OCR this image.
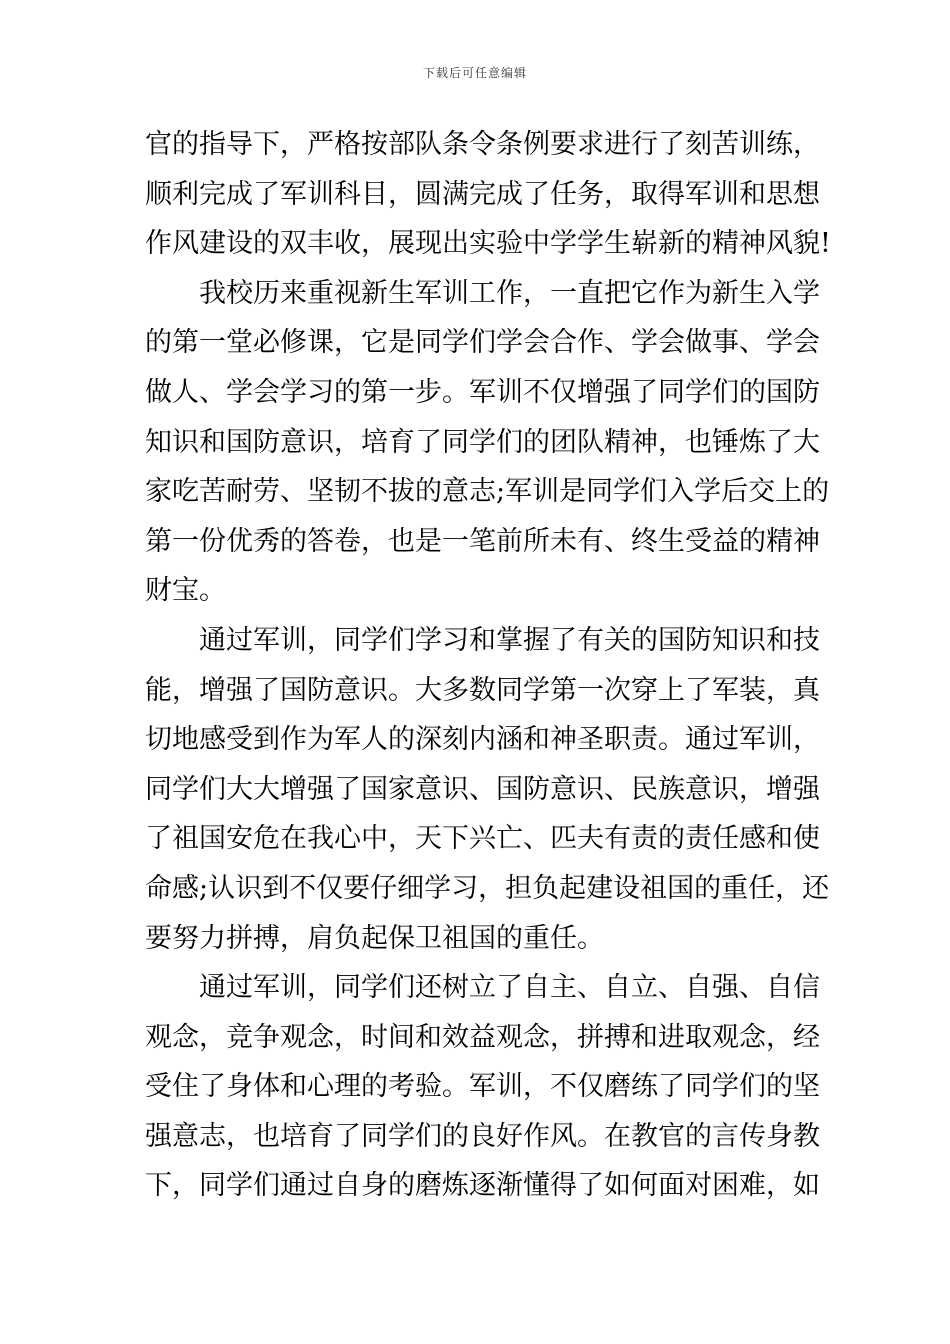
下载后可任意编辑
官的指导下，严格按部队条令条例要求进行了刻苦训练，
顺利完成了军训科目，圆满完成了任务，取得军训和思想
作风建设的双丰收，展现出实验中学学生崭新的精神风貌!
我校历来重视新生军训工作，一直把它作为新生入学
的第一堂必修课，它是同学们学会合作、学会做事、学会
做人、学会学习的第一步。军训不仅增强了同学们的国防
知识和国防意识，培育了同学们的团队精神，也锤炼了大
家吃苦耐劳、坚韧不拔的意志;军训是同学们入学后交上的
第一份优秀的答卷，也是一笔前所未有、终生受益的精神
财宝。
通过军训，同学们学习和掌握了有关的国防知识和技
能，增强了国防意识。大多数同学第一次穿上了军装，真
切地感受到作为军人的深刻内涵和神圣职责。通过军训，
同学们大大增强了国家意识、国防意识、民族意识，增强
了祖国安危在我心中，天下兴亡、匹夫有责的责任感和使
命感;认识到不仅要仔细学习，担负起建设祖国的重任，还
要努力拼搏，肩负起保卫祖国的重任。
通过军训，同学们还树立了自主、自立、自强、自信
观念，竞争观念，时间和效益观念，拼搏和进取观念，经
受住了身体和心理的考验。军训，不仅磨练了同学们的坚
强意志，也培育了同学们的良好作风。在教官的言传身教
下，同学们通过自身的磨炼逐渐懂得了如何面对困难，如
